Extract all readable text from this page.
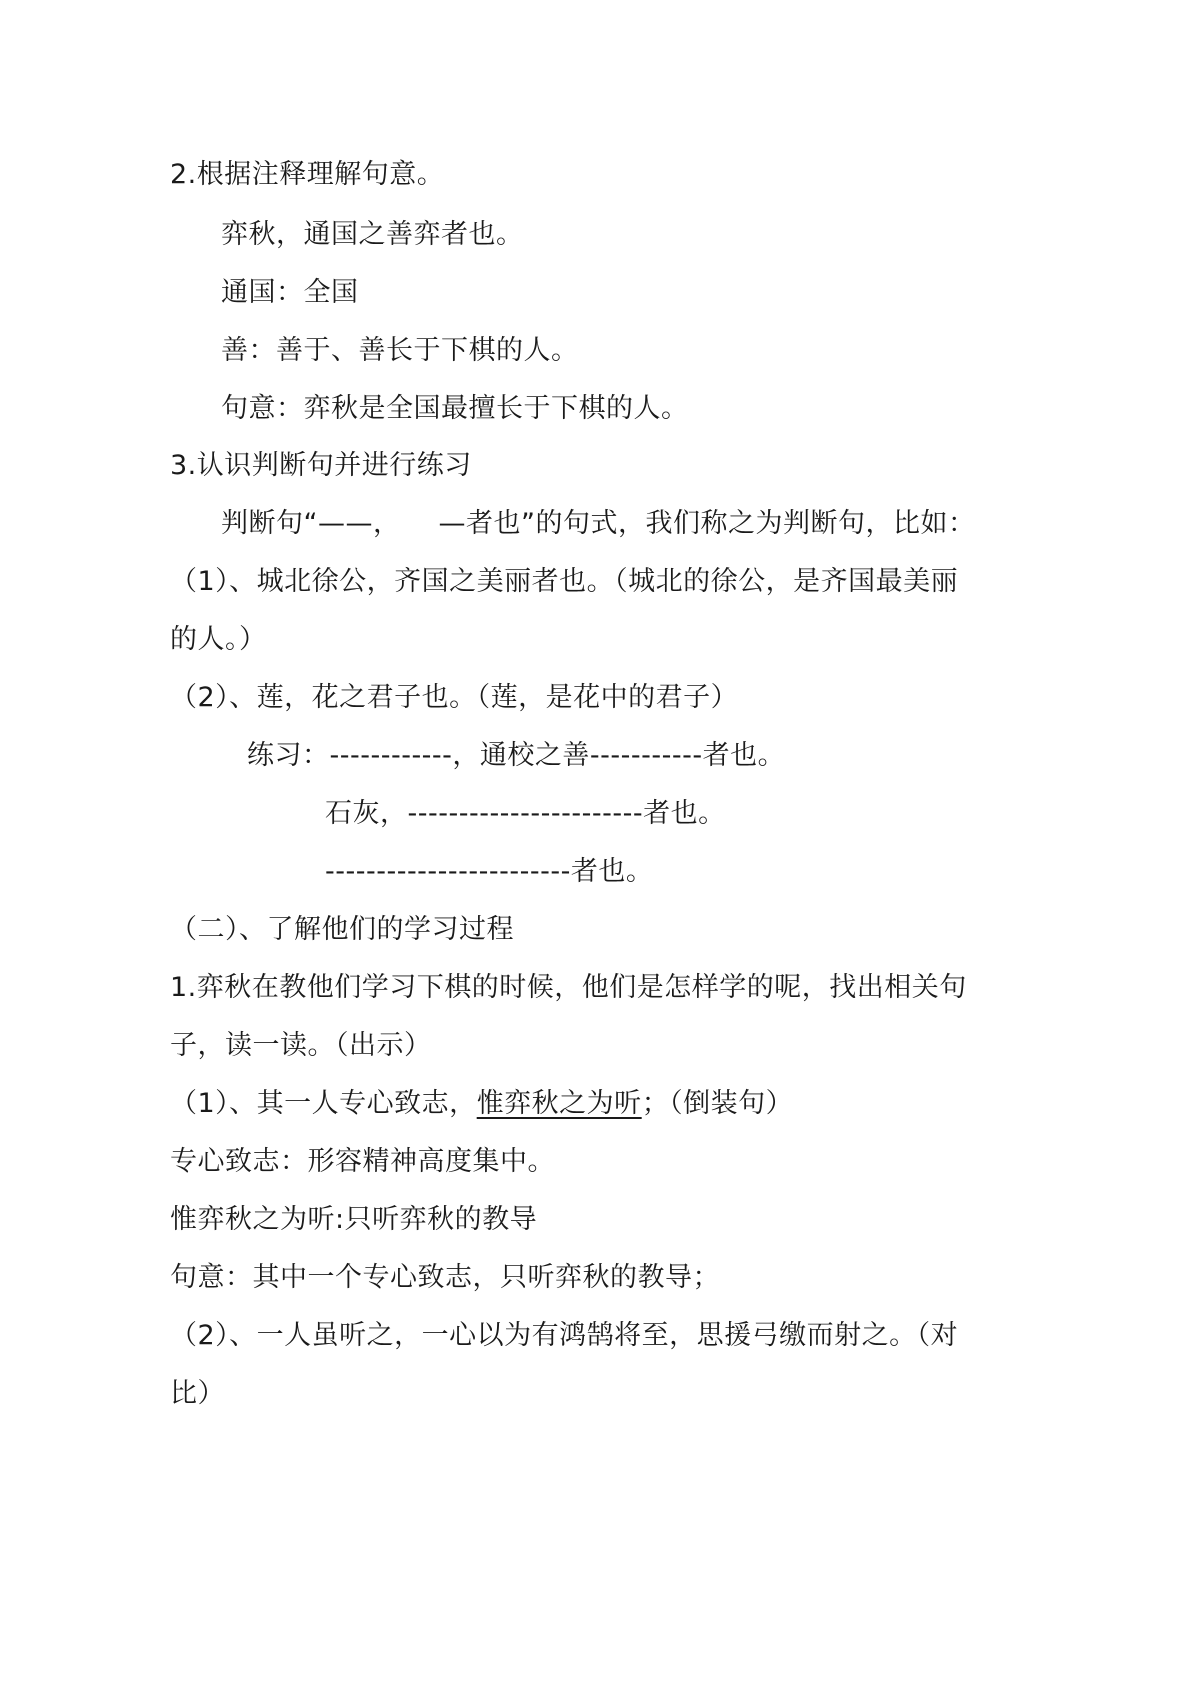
2.根据注释理解句意。
弈秋，通国之善弈者也。
通国：全国
善：善于、善长于下棋的人。
句意：弈秋是全国最擅长于下棋的人。
3.认识判断句并进行练习
判断句“——， —者也”的句式，我们称之为判断句，比如：
（1）、城北徐公，齐国之美丽者也。（城北的徐公，是齐国最美丽
的人。）
（2）、莲，花之君子也。（莲，是花中的君子）
练习：------------，通校之善-----------者也。
石灰，-----------------------者也。
------------------------者也。
（二）、了解他们的学习过程
1.弈秋在教他们学习下棋的时候，他们是怎样学的呢，找出相关句
子，读一读。（出示）
（1）、其一人专心致志，惟弈秋之为听；（倒装句）
专心致志：形容精神高度集中。
惟弈秋之为听:只听弈秋的教导
句意：其中一个专心致志，只听弈秋的教导；
（2）、一人虽听之，一心以为有鸿鹄将至，思援弓缴而射之。（对
比）
